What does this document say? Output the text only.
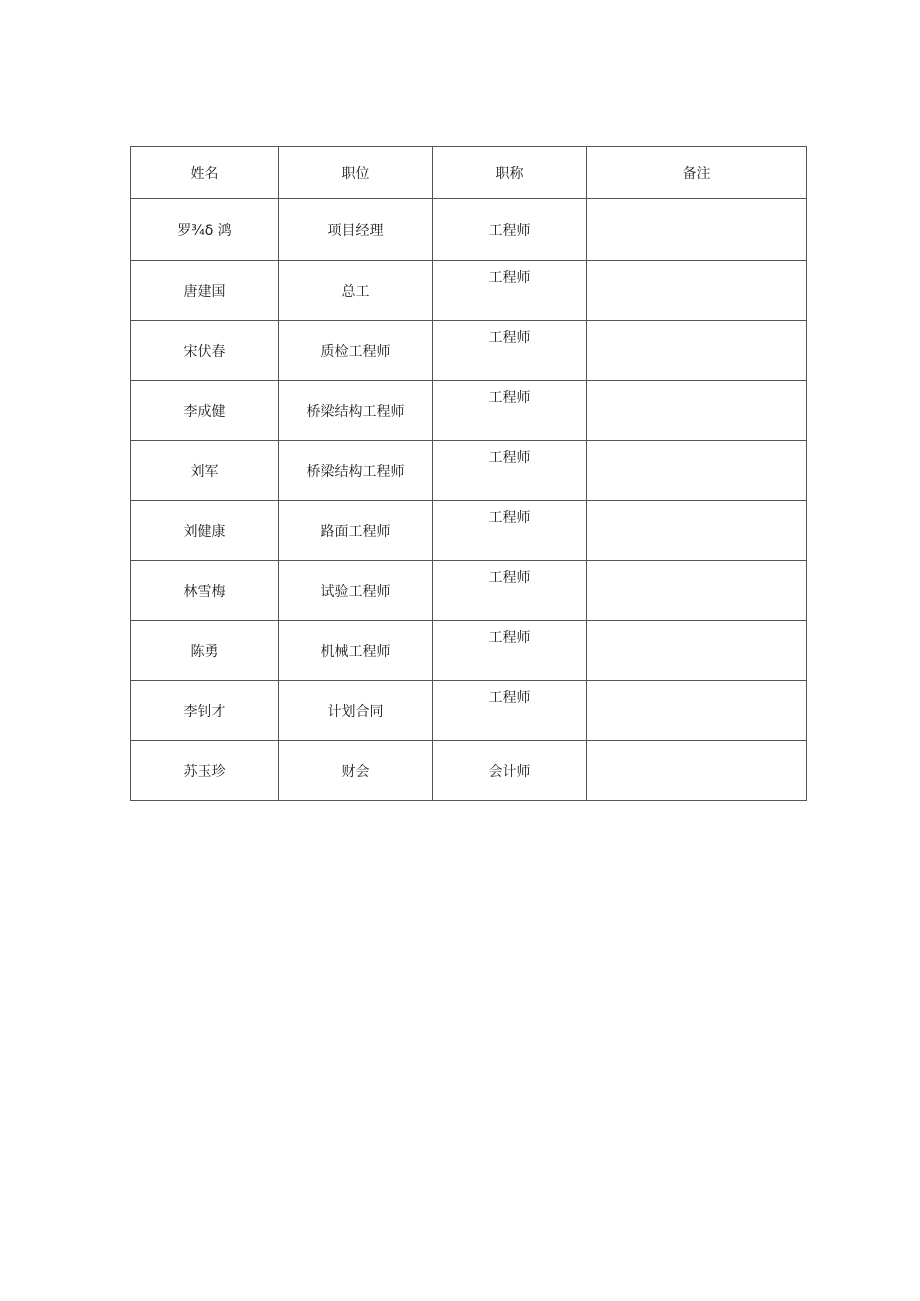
姓名	职位	职称	备注
罗¾δ 鸿	项目经理	工程师	
唐建国	总工	工程师	
宋伏春	质检工程师	工程师	
李成健	桥梁结构工程师	工程师	
刘军	桥梁结构工程师	工程师	
刘健康	路面工程师	工程师	
林雪梅	试验工程师	工程师	
陈勇	机械工程师	工程师	
李钊才	计划合同	工程师	
苏玉珍	财会	会计师	
